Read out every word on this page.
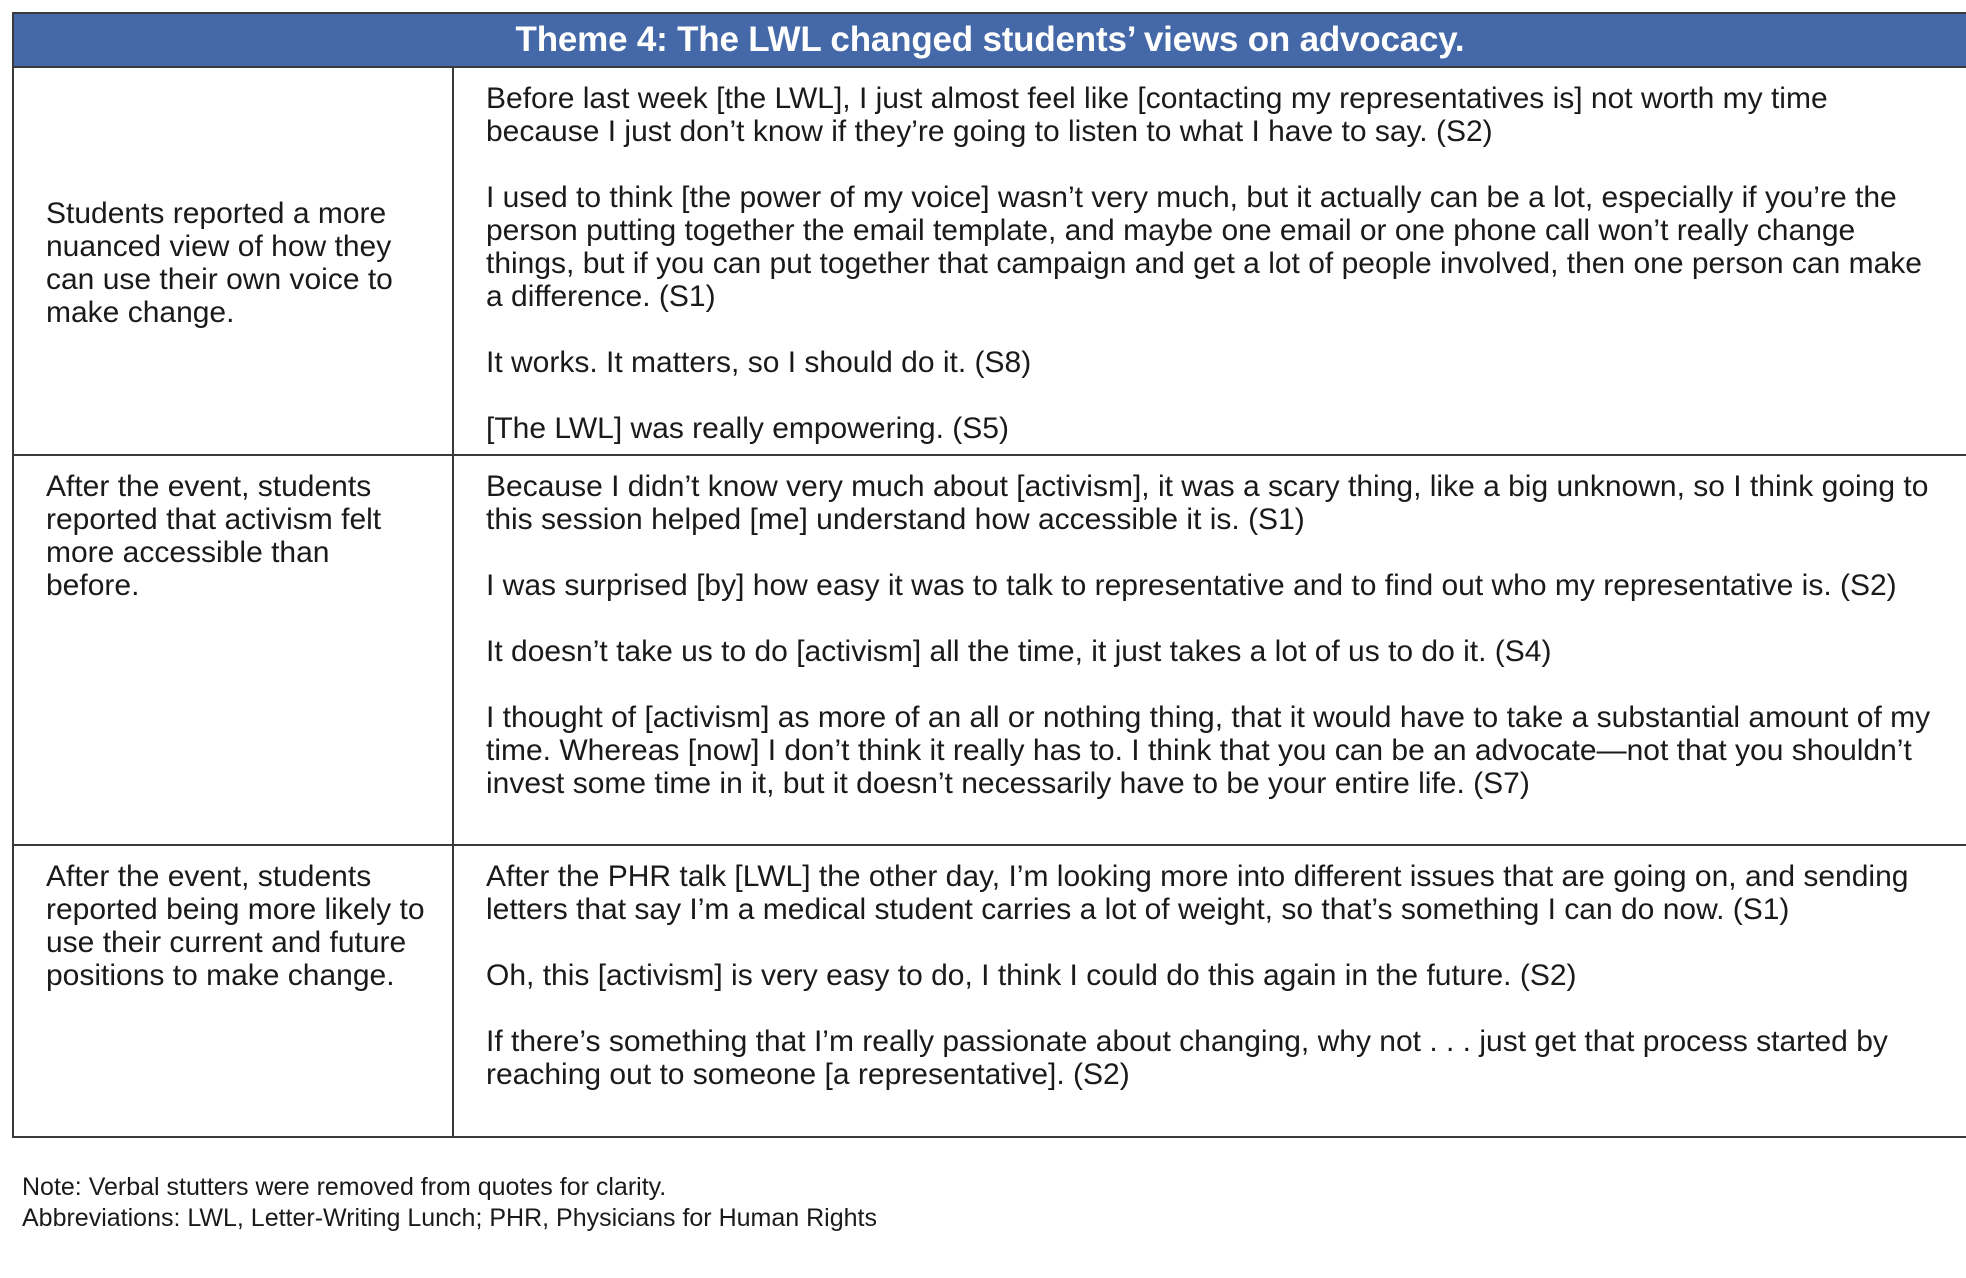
Theme 4: The LWL changed students’ views on advocacy.	
Students reported a more nuanced view of how they can use their own voice to make change.	Before last week [the LWL], I just almost feel like [contacting my representatives is] not worth my time because I just don’t know if they’re going to listen to what I have to say. (S2)

I used to think [the power of my voice] wasn’t very much, but it actually can be a lot, especially if you’re the person putting together the email template, and maybe one email or one phone call won’t really change things, but if you can put together that campaign and get a lot of people involved, then one person can make a difference. (S1)

It works. It matters, so I should do it. (S8)

[The LWL] was really empowering. (S5)

After the event, students reported that activism felt more accessible than before.	Because I didn’t know very much about [activism], it was a scary thing, like a big unknown, so I think going to this session helped [me] understand how accessible it is. (S1)

I was surprised [by] how easy it was to talk to representative and to find out who my representative is. (S2)

It doesn’t take us to do [activism] all the time, it just takes a lot of us to do it. (S4)

I thought of [activism] as more of an all or nothing thing, that it would have to take a substantial amount of my time. Whereas [now] I don’t think it really has to. I think that you can be an advocate—not that you shouldn’t invest some time in it, but it doesn’t necessarily have to be your entire life. (S7)

After the event, students reported being more likely to use their current and future positions to make change.	After the PHR talk [LWL] the other day, I’m looking more into different issues that are going on, and sending letters that say I’m a medical student carries a lot of weight, so that’s something I can do now. (S1)

Oh, this [activism] is very easy to do, I think I could do this again in the future. (S2)

If there’s something that I’m really passionate about changing, why not . . . just get that process started by reaching out to someone [a representative]. (S2)

Note: Verbal stutters were removed from quotes for clarity.
Abbreviations: LWL, Letter-Writing Lunch; PHR, Physicians for Human Rights
